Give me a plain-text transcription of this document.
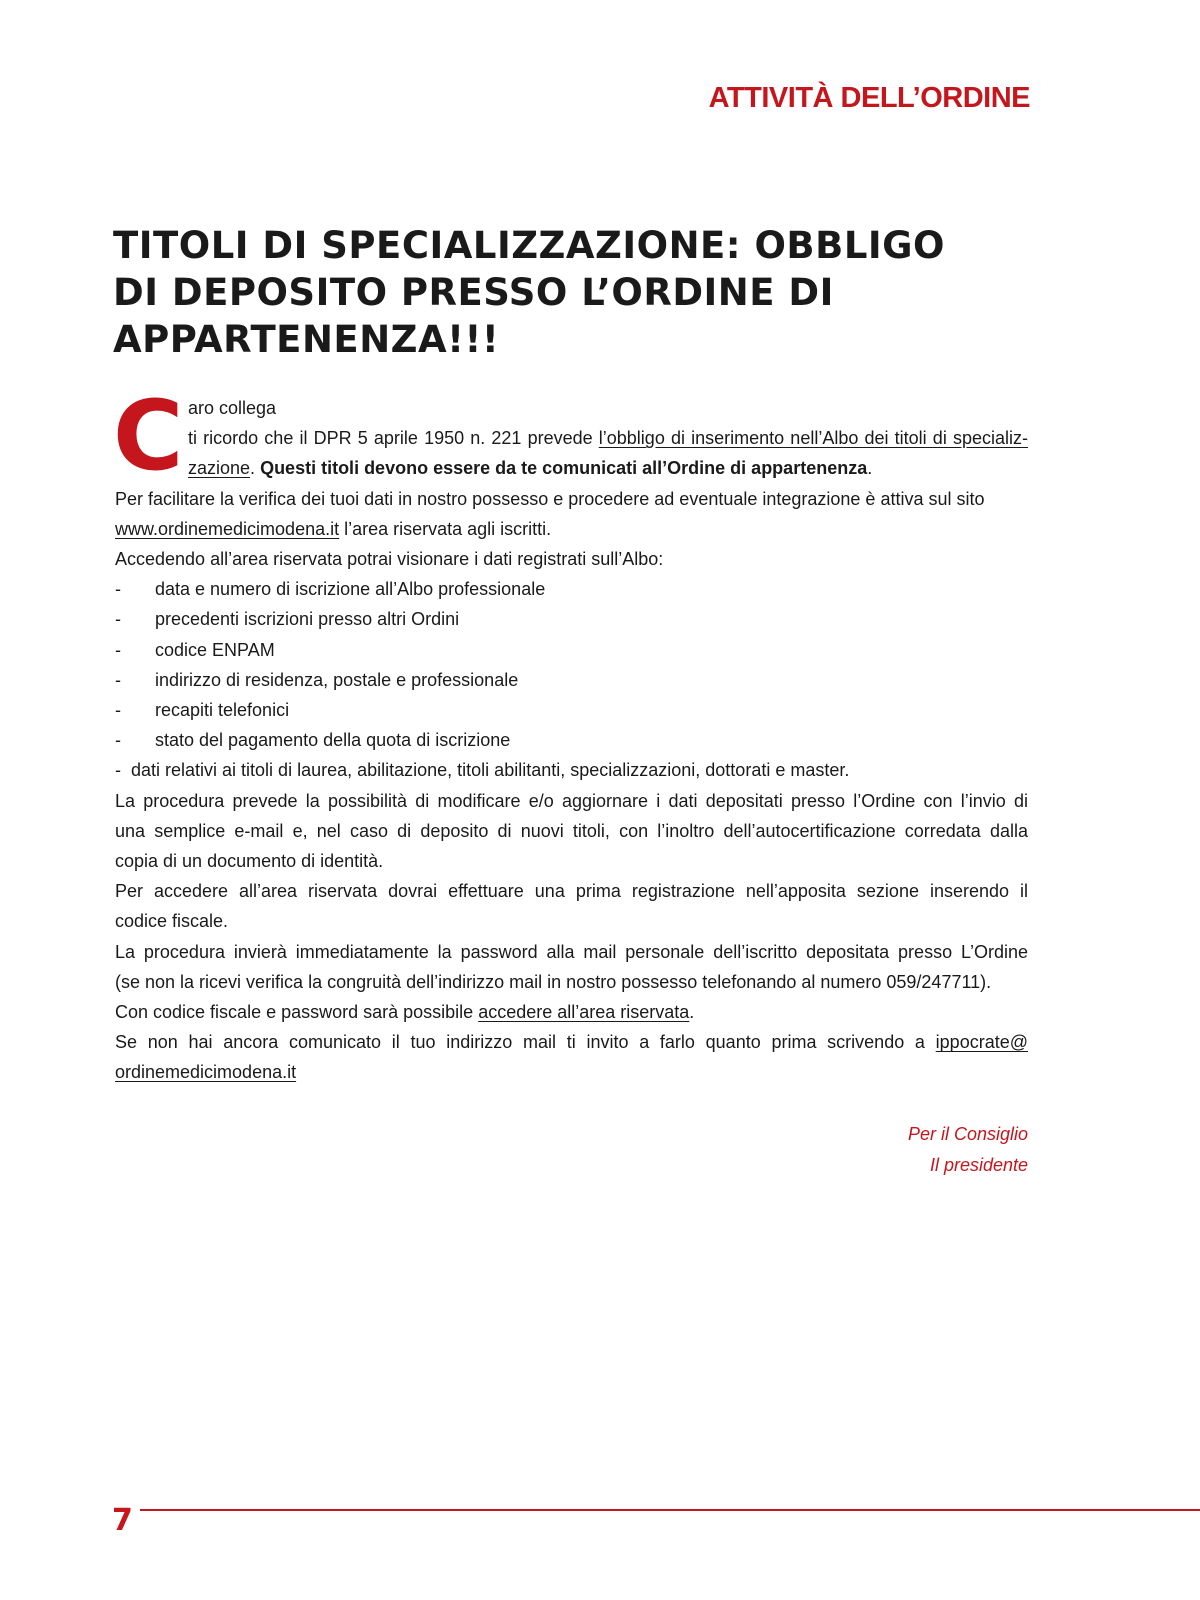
ATTIVITÀ DELL’ORDINE
TITOLI DI SPECIALIZZAZIONE: OBBLIGO
DI DEPOSITO PRESSO L’ORDINE DI
APPARTENENZA!!!
C aro collega
ti ricordo che il DPR 5 aprile 1950 n. 221 prevede l’obbligo di inserimento nell’Albo dei titoli di specializ-
zazione. Questi titoli devono essere da te comunicati all’Ordine di appartenenza.
Per facilitare la verifica dei tuoi dati in nostro possesso e procedere ad eventuale integrazione è attiva sul sito
www.ordinemedicimodena.it l’area riservata agli iscritti.
Accedendo all’area riservata potrai visionare i dati registrati sull’Albo:
- data e numero di iscrizione all’Albo professionale
- precedenti iscrizioni presso altri Ordini
- codice ENPAM
- indirizzo di residenza, postale e professionale
- recapiti telefonici
- stato del pagamento della quota di iscrizione
- dati relativi ai titoli di laurea, abilitazione, titoli abilitanti, specializzazioni, dottorati e master.
La procedura prevede la possibilità di modificare e/o aggiornare i dati depositati presso l’Ordine con l’invio di
una semplice e-mail e, nel caso di deposito di nuovi titoli, con l’inoltro dell’autocertificazione corredata dalla
copia di un documento di identità.
Per accedere all’area riservata dovrai effettuare una prima registrazione nell’apposita sezione inserendo il
codice fiscale.
La procedura invierà immediatamente la password alla mail personale dell’iscritto depositata presso L’Ordine
(se non la ricevi verifica la congruità dell’indirizzo mail in nostro possesso telefonando al numero 059/247711).
Con codice fiscale e password sarà possibile accedere all’area riservata.
Se non hai ancora comunicato il tuo indirizzo mail ti invito a farlo quanto prima scrivendo a ippocrate@
ordinemedicimodena.it
Per il Consiglio
Il presidente
7
